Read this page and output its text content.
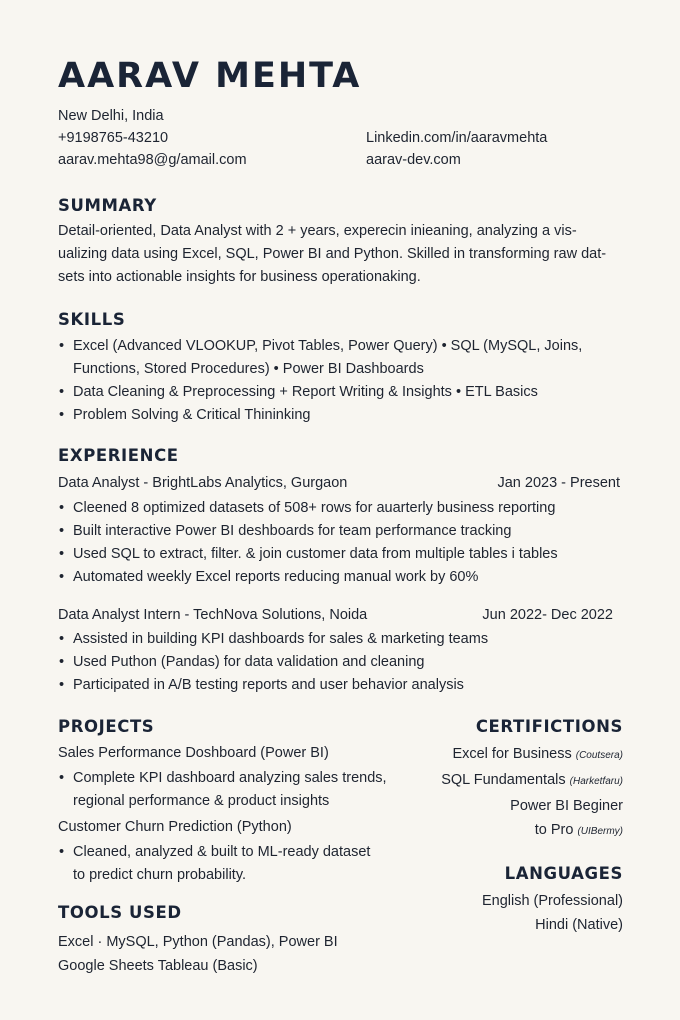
AARAV MEHTA
New Delhi, India
+9198765-43210
aarav.mehta98@g/amail.com
Linkedin.com/in/aaravmehta
aarav-dev.com
SUMMARY
Detail-oriented, Data Analyst with 2 + years, experecin inieaning, analyzing a vis-
ualizing data using Excel, SQL, Power BI and Python. Skilled in transforming raw dat-
sets into actionable insights for business operationaking.
SKILLS
• Excel (Advanced VLOOKUP, Pivot Tables, Power Query) • SQL (MySQL, Joins,
Functions, Stored Procedures) • Power BI Dashboards
• Data Cleaning & Preprocessing + Report Writing & Insights • ETL Basics
• Problem Solving & Critical Thininking
EXPERIENCE
Data Analyst - BrightLabs Analytics, Gurgaon	Jan 2023 - Present
• Cleened 8 optimized datasets of 508+ rows for auarterly business reporting
• Built interactive Power BI deshboards for team performance tracking
• Used SQL to extract, filter. & join customer data from multiple tables i tables
• Automated weekly Excel reports reducing manual work by 60%
Data Analyst Intern - TechNova Solutions, Noida	Jun 2022- Dec 2022
• Assisted in building KPI dashboards for sales & marketing teams
• Used Puthon (Pandas) for data validation and cleaning
• Participated in A/B testing reports and user behavior analysis
PROJECTS
Sales Performance Doshboard (Power BI)
• Complete KPI dashboard analyzing sales trends,
regional performance & product insights
Customer Churn Prediction (Python)
• Cleaned, analyzed & built to ML-ready dataset
to predict churn probability.
CERTIFICTIONS
Excel for Business (Coutsera)
SQL Fundamentals (Harketfaru)
Power BI Beginer
to Pro (UIBermy)
LANGUAGES
English (Professional)
Hindi (Native)
TOOLS USED
Excel · MySQL, Python (Pandas), Power BI
Google Sheets Tableau (Basic)
